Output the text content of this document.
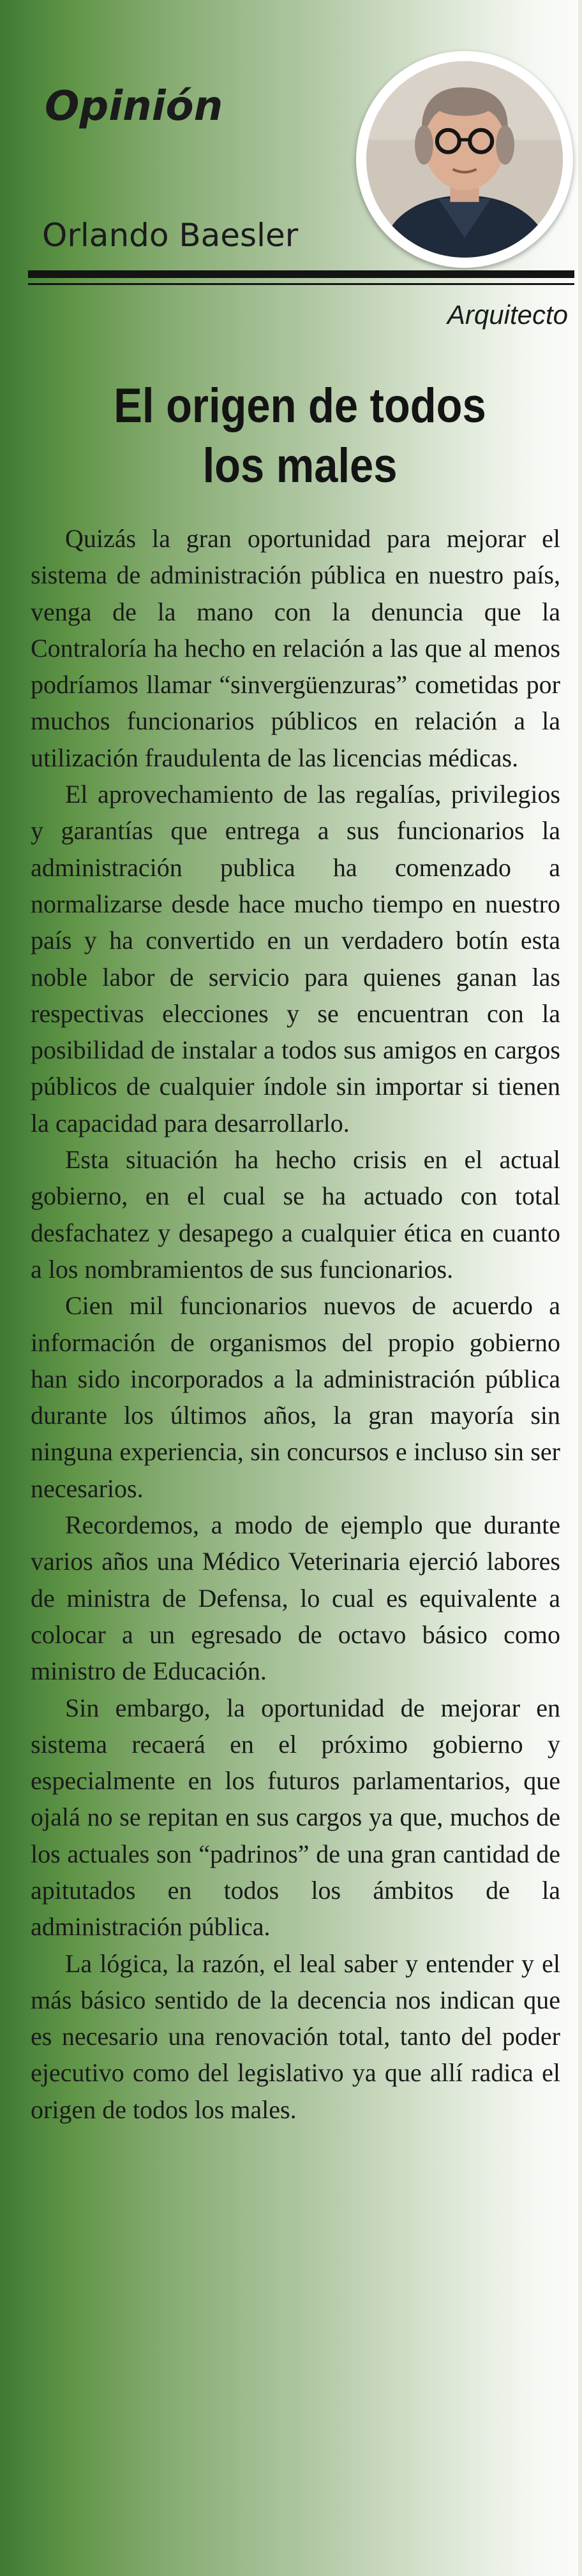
Opinión

Orlando Baesler

Arquitecto

El origen de todos
los males

Quizás la gran oportunidad para mejorar el sistema de administración pública en nuestro país, venga de la mano con la denuncia que la Contraloría ha hecho en relación a las que al menos podríamos llamar “sinvergüenzuras” cometidas por muchos funcionarios públicos en relación a la utilización fraudulenta de las licencias médicas.

El aprovechamiento de las regalías, privilegios y garantías que entrega a sus funcionarios la administración publica ha comenzado a normalizarse desde hace mucho tiempo en nuestro país y ha convertido en un verdadero botín esta noble labor de servicio para quienes ganan las respectivas elecciones y se encuentran con la posibilidad de instalar a todos sus amigos en cargos públicos de cualquier índole sin importar si tienen la capacidad para desarrollarlo.

Esta situación ha hecho crisis en el actual gobierno, en el cual se ha actuado con total desfachatez y desapego a cualquier ética en cuanto a los nombramientos de sus funcionarios.

Cien mil funcionarios nuevos de acuerdo a información de organismos del propio gobierno han sido incorporados a la administración pública durante los últimos años, la gran mayoría sin ninguna experiencia, sin concursos e incluso sin ser necesarios.

Recordemos, a modo de ejemplo que durante varios años una Médico Veterinaria ejerció labores de ministra de Defensa, lo cual es equivalente a colocar a un egresado de octavo básico como ministro de Educación.

Sin embargo, la oportunidad de mejorar en sistema recaerá en el próximo gobierno y especialmente en los futuros parlamentarios, que ojalá no se repitan en sus cargos ya que, muchos de los actuales son “padrinos” de una gran cantidad de apitutados en todos los ámbitos de la administración pública.

La lógica, la razón, el leal saber y entender y el más básico sentido de la decencia nos indican que es necesario una renovación total, tanto del poder ejecutivo como del legislativo ya que allí radica el origen de todos los males.
